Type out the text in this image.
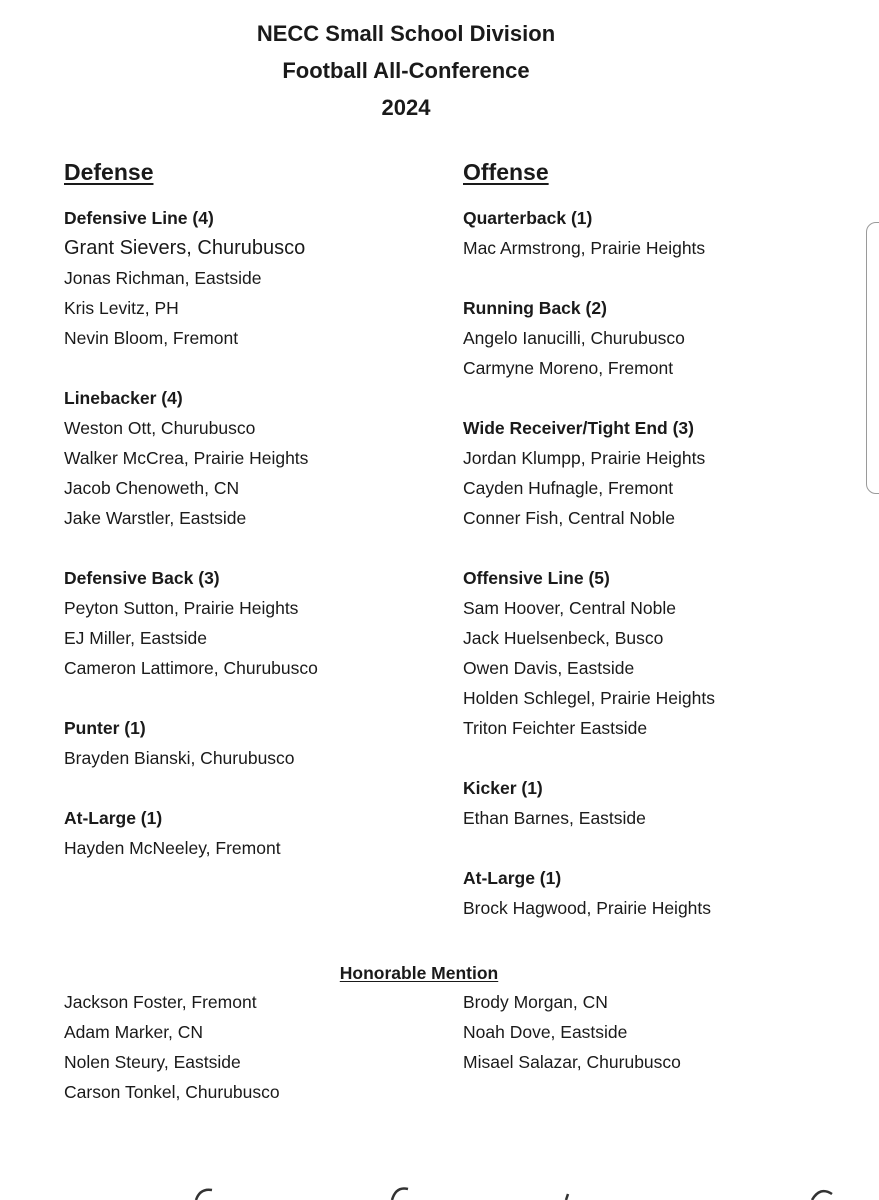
NECC Small School Division
Football All-Conference
2024
Defense
Defensive Line (4)
Grant Sievers, Churubusco
Jonas Richman, Eastside
Kris Levitz, PH
Nevin Bloom, Fremont
Linebacker (4)
Weston Ott, Churubusco
Walker McCrea, Prairie Heights
Jacob Chenoweth, CN
Jake Warstler, Eastside
Defensive Back (3)
Peyton Sutton, Prairie Heights
EJ Miller, Eastside
Cameron Lattimore, Churubusco
Punter (1)
Brayden Bianski, Churubusco
At-Large (1)
Hayden McNeeley, Fremont
Offense
Quarterback (1)
Mac Armstrong, Prairie Heights
Running Back (2)
Angelo Ianucilli, Churubusco
Carmyne Moreno, Fremont
Wide Receiver/Tight End (3)
Jordan Klumpp, Prairie Heights
Cayden Hufnagle, Fremont
Conner Fish, Central Noble
Offensive Line (5)
Sam Hoover, Central Noble
Jack Huelsenbeck, Busco
Owen Davis, Eastside
Holden Schlegel, Prairie Heights
Triton Feichter Eastside
Kicker (1)
Ethan Barnes, Eastside
At-Large (1)
Brock Hagwood, Prairie Heights
Honorable Mention
Jackson Foster, Fremont
Adam Marker, CN
Nolen Steury, Eastside
Carson Tonkel, Churubusco
Brody Morgan, CN
Noah Dove, Eastside
Misael Salazar, Churubusco
